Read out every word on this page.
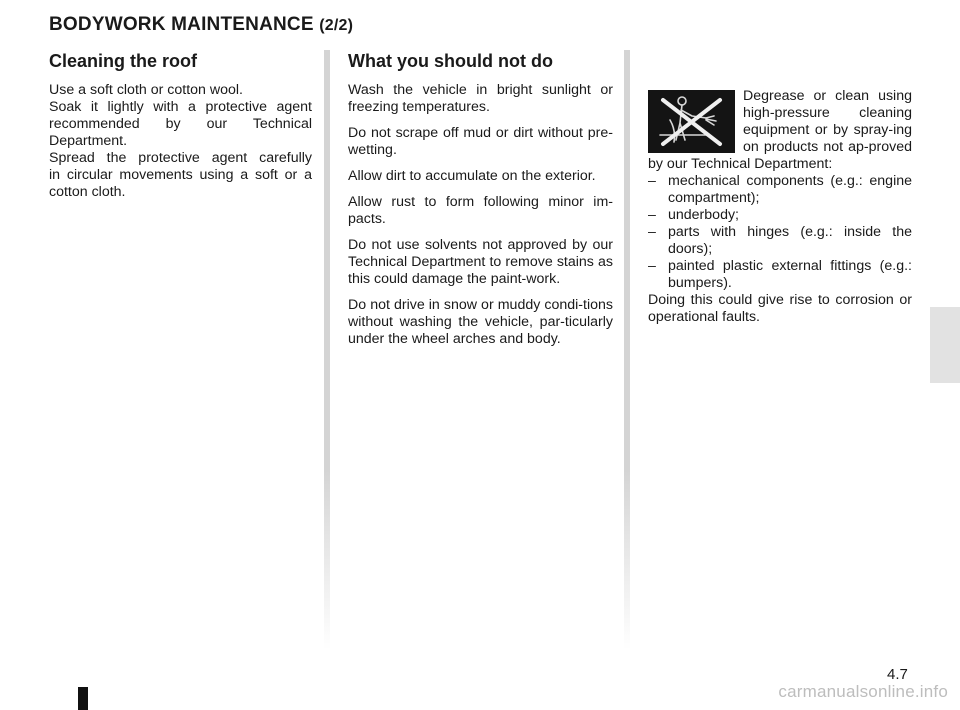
BODYWORK MAINTENANCE (2/2)
Cleaning the roof
Use a soft cloth or cotton wool.
Soak it lightly with a protective agent
recommended by our Technical
Department.
Spread the protective agent carefully
in circular movements using a soft or a
cotton cloth.
What you should not do

Wash the vehicle in bright sunlight or freezing temperatures.

Do not scrape off mud or dirt without pre-wetting.

Allow dirt to accumulate on the exterior.

Allow rust to form following minor im-pacts.

Do not use solvents not approved by our Technical Department to remove stains as this could damage the paint-work.

Do not drive in snow or muddy condi-tions without washing the vehicle, par-ticularly under the wheel arches and body.

Degrease or clean using high-pressure cleaning equipment or by spray-ing on products not ap-proved by our Technical Department:
– mechanical components (e.g.: engine compartment);
– underbody;
– parts with hinges (e.g.: inside the doors);
– painted plastic external fittings (e.g.: bumpers).
Doing this could give rise to corrosion or operational faults.
4.7
carmanualsonline.info
